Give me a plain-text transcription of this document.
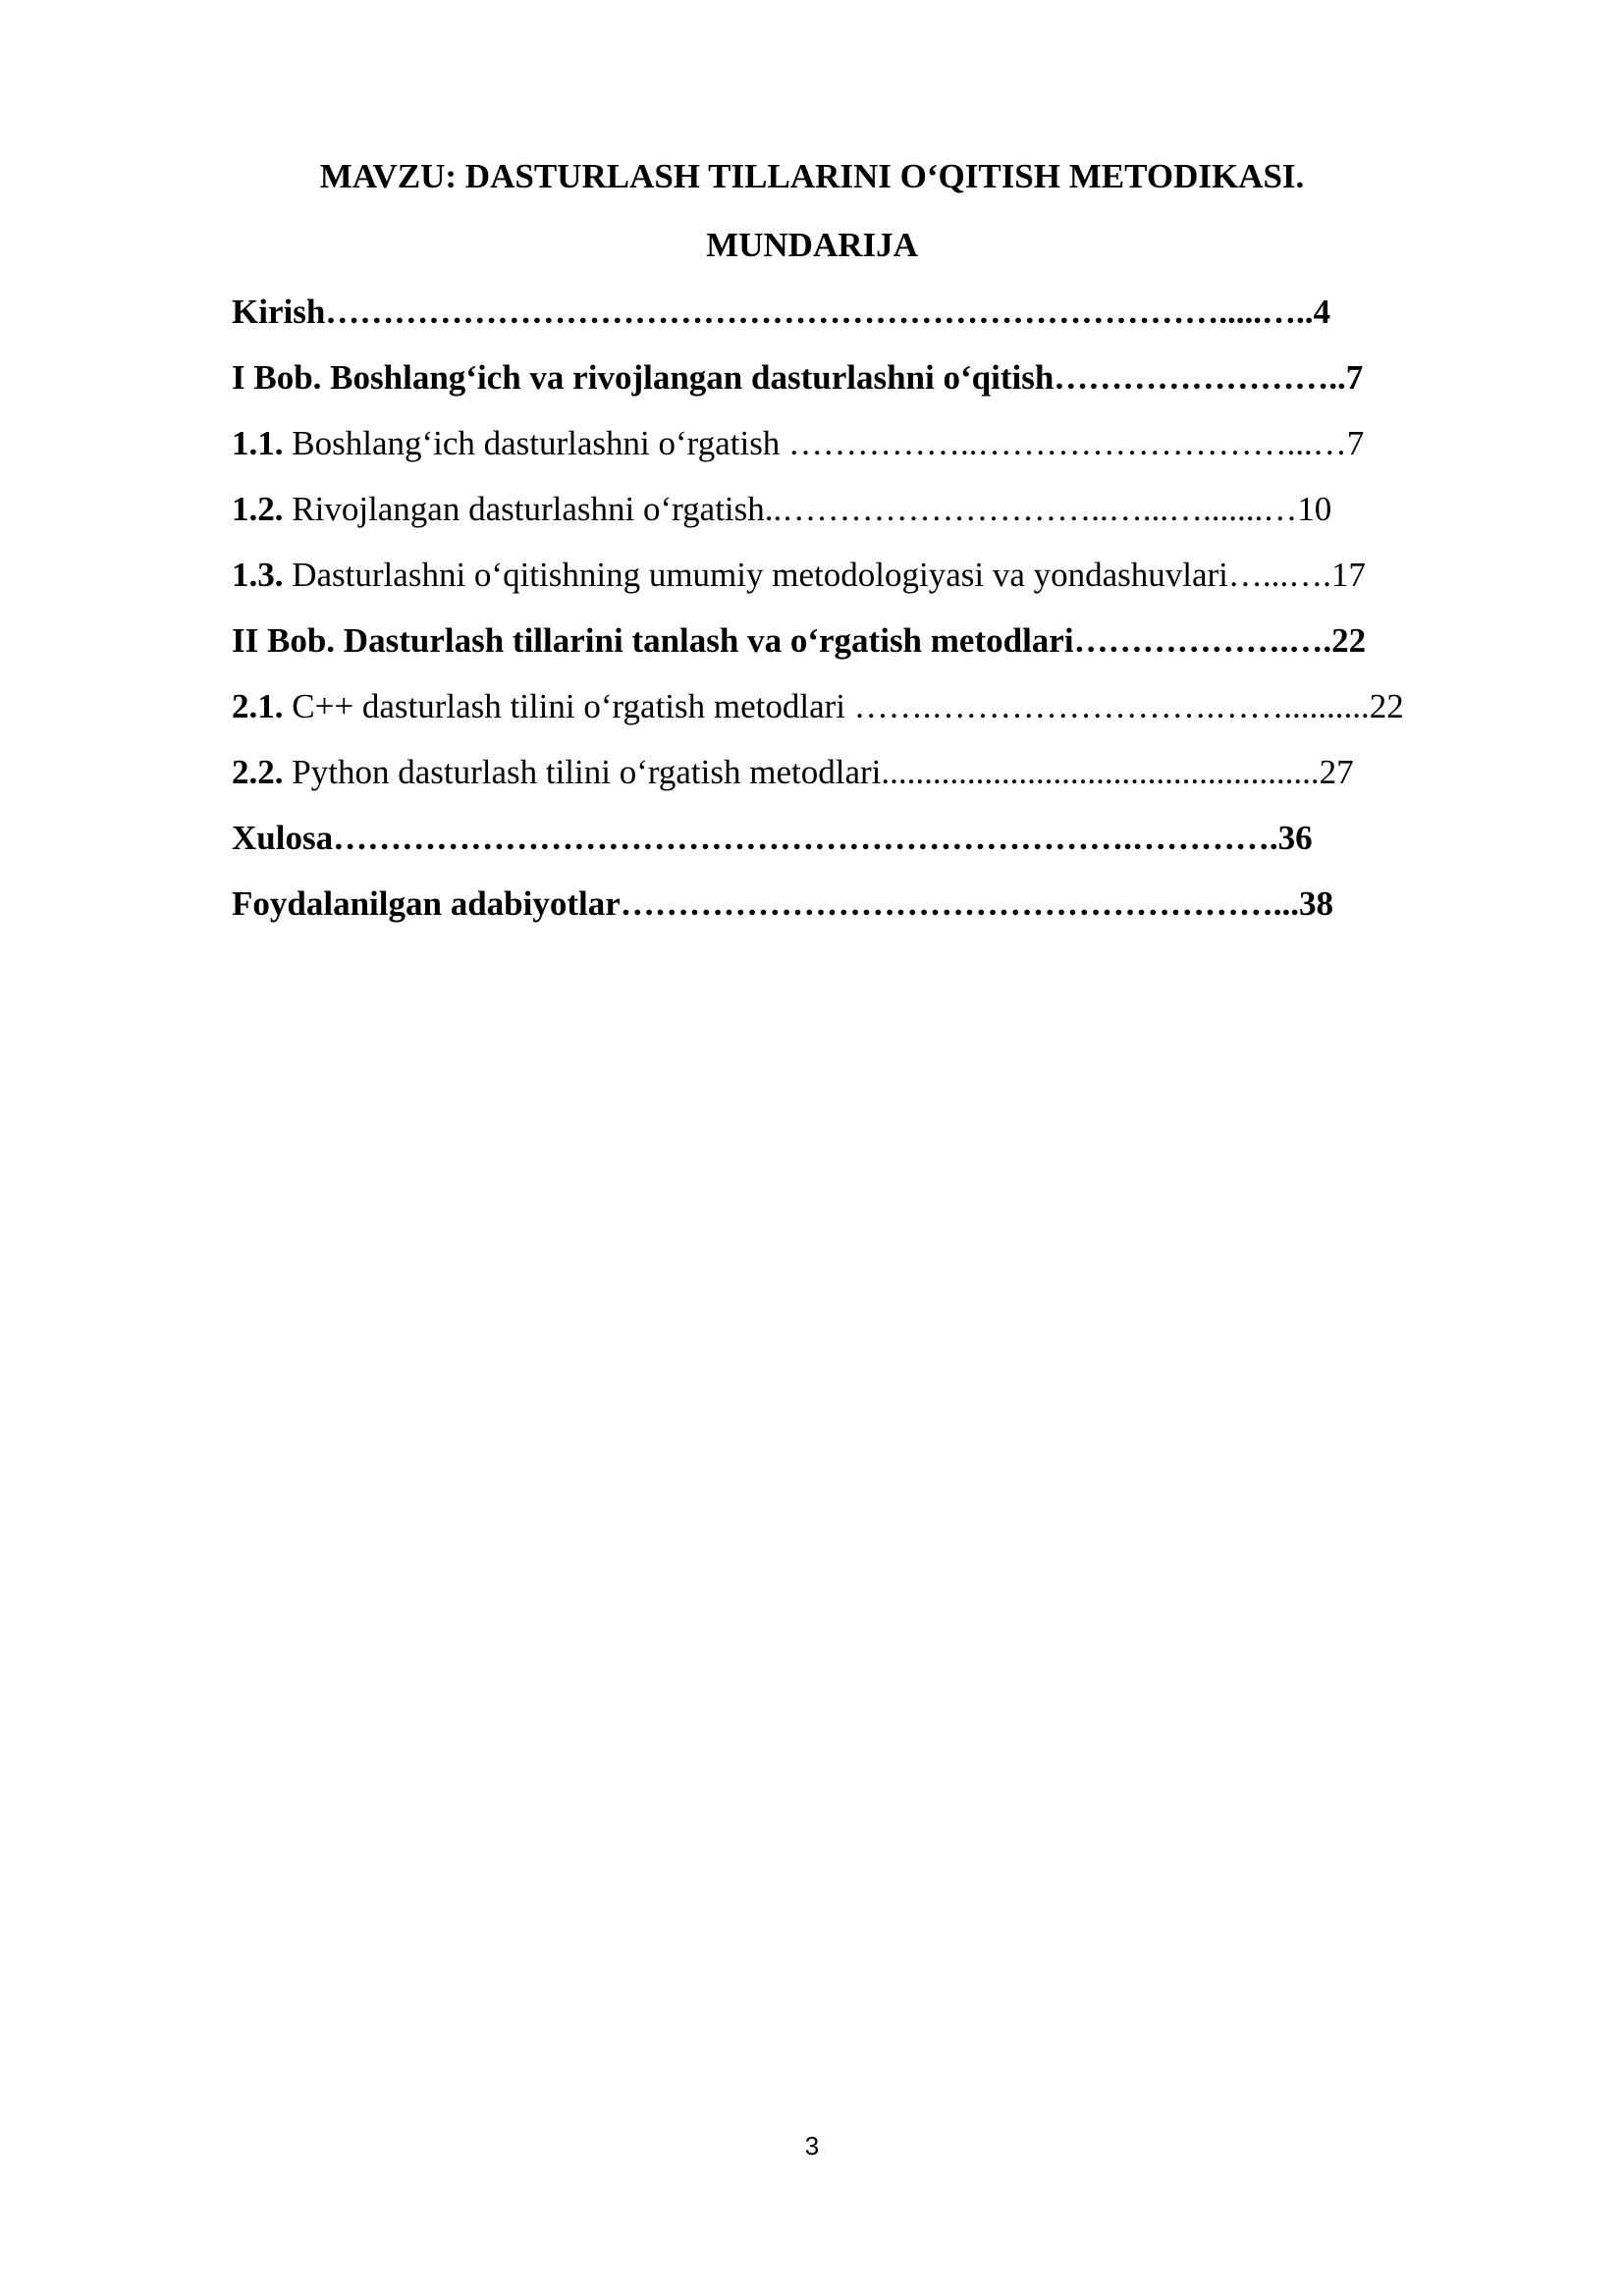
MAVZU: DASTURLASH TILLARINI O‘QITISH METODIKASI.
MUNDARIJA
Kirish…………………………………………………………………….....…..4
I Bob. Boshlang‘ich va rivojlangan dasturlashni o‘qitish……………………..7
1.1. Boshlang‘ich dasturlashni o‘rgatish ……………..………………………...…7
1.2. Rivojlangan dasturlashni o‘rgatish..………………………..…...….......…10
1.3. Dasturlashni o‘qitishning umumiy metodologiyasi va yondashuvlari…...….17
II Bob. Dasturlash tillarini tanlash va o‘rgatish metodlari……………….….22
2.1. C++ dasturlash tilini o‘rgatish metodlari …….…………………….……..........22
2.2. Python dasturlash tilini o‘rgatish metodlari...................................................27
Xulosa…………………………………………………………….………….36
Foydalanilgan adabiyotlar…………………………………………………...38
3
